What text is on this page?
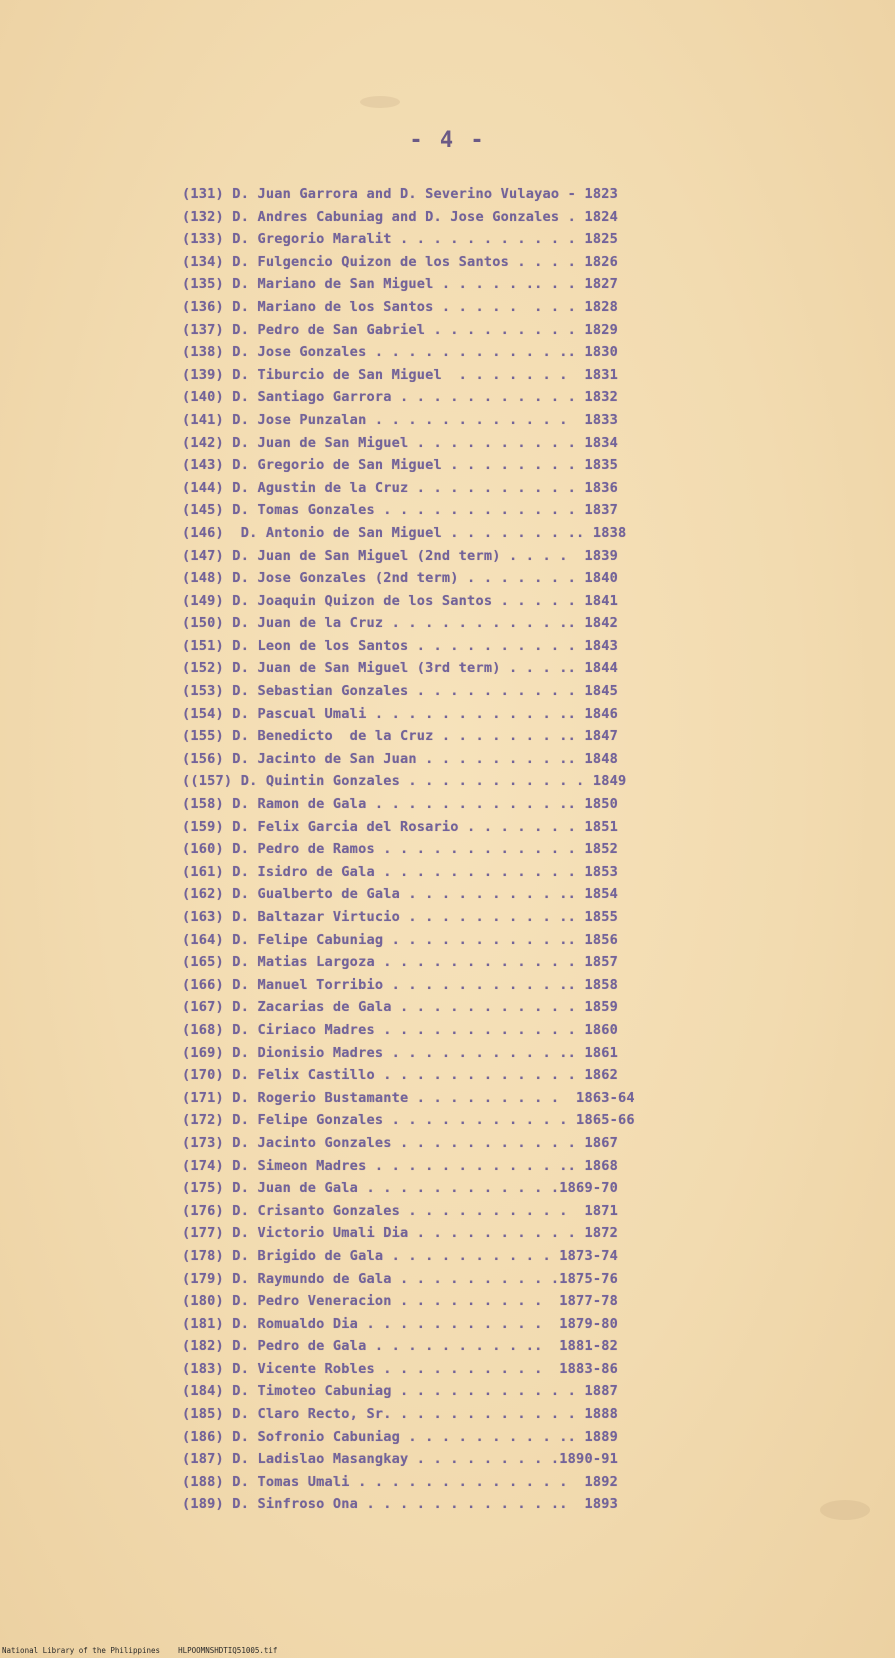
- 4 -
(131) D. Juan Garrora and D. Severino Vulayao - 1823
(132) D. Andres Cabuniag and D. Jose Gonzales . 1824
(133) D. Gregorio Maralit . . . . . . . . . . . 1825
(134) D. Fulgencio Quizon de los Santos . . . . 1826
(135) D. Mariano de San Miguel . . . . . .. . . 1827
(136) D. Mariano de los Santos . . . . .  . . . 1828
(137) D. Pedro de San Gabriel . . . . . . . . . 1829
(138) D. Jose Gonzales . . . . . . . . . . . .. 1830
(139) D. Tiburcio de San Miguel  . . . . . . .  1831
(140) D. Santiago Garrora . . . . . . . . . . . 1832
(141) D. Jose Punzalan . . . . . . . . . . . .  1833
(142) D. Juan de San Miguel . . . . . . . . . . 1834
(143) D. Gregorio de San Miguel . . . . . . . . 1835
(144) D. Agustin de la Cruz . . . . . . . . . . 1836
(145) D. Tomas Gonzales . . . . . . . . . . . . 1837
(146)  D. Antonio de San Miguel . . . . . . . .. 1838
(147) D. Juan de San Miguel (2nd term) . . . .  1839
(148) D. Jose Gonzales (2nd term) . . . . . . . 1840
(149) D. Joaquin Quizon de los Santos . . . . . 1841
(150) D. Juan de la Cruz . . . . . . . . . . .. 1842
(151) D. Leon de los Santos . . . . . . . . . . 1843
(152) D. Juan de San Miguel (3rd term) . . . .. 1844
(153) D. Sebastian Gonzales . . . . . . . . . . 1845
(154) D. Pascual Umali . . . . . . . . . . . .. 1846
(155) D. Benedicto  de la Cruz . . . . . . . .. 1847
(156) D. Jacinto de San Juan . . . . . . . . .. 1848
((157) D. Quintin Gonzales . . . . . . . . . . . 1849
(158) D. Ramon de Gala . . . . . . . . . . . .. 1850
(159) D. Felix Garcia del Rosario . . . . . . . 1851
(160) D. Pedro de Ramos . . . . . . . . . . . . 1852
(161) D. Isidro de Gala . . . . . . . . . . . . 1853
(162) D. Gualberto de Gala . . . . . . . . . .. 1854
(163) D. Baltazar Virtucio . . . . . . . . . .. 1855
(164) D. Felipe Cabuniag . . . . . . . . . . .. 1856
(165) D. Matias Largoza . . . . . . . . . . . . 1857
(166) D. Manuel Torribio . . . . . . . . . . .. 1858
(167) D. Zacarias de Gala . . . . . . . . . . . 1859
(168) D. Ciriaco Madres . . . . . . . . . . . . 1860
(169) D. Dionisio Madres . . . . . . . . . . .. 1861
(170) D. Felix Castillo . . . . . . . . . . . . 1862
(171) D. Rogerio Bustamante . . . . . . . . .  1863-64
(172) D. Felipe Gonzales . . . . . . . . . . . 1865-66
(173) D. Jacinto Gonzales . . . . . . . . . . . 1867
(174) D. Simeon Madres . . . . . . . . . . . .. 1868
(175) D. Juan de Gala . . . . . . . . . . . .1869-70
(176) D. Crisanto Gonzales . . . . . . . . . .  1871
(177) D. Victorio Umali Dia . . . . . . . . . . 1872
(178) D. Brigido de Gala . . . . . . . . . . 1873-74
(179) D. Raymundo de Gala . . . . . . . . . .1875-76
(180) D. Pedro Veneracion . . . . . . . . .  1877-78
(181) D. Romualdo Dia . . . . . . . . . . .  1879-80
(182) D. Pedro de Gala . . . . . . . . . ..  1881-82
(183) D. Vicente Robles . . . . . . . . . .  1883-86
(184) D. Timoteo Cabuniag . . . . . . . . . . . 1887
(185) D. Claro Recto, Sr. . . . . . . . . . . . 1888
(186) D. Sofronio Cabuniag . . . . . . . . . .. 1889
(187) D. Ladislao Masangkay . . . . . . . . .1890-91
(188) D. Tomas Umali . . . . . . . . . . . . .  1892
(189) D. Sinfroso Ona . . . . . . . . . . . ..  1893
National Library of the Philippines    HLPOOMNSHDTIQ51005.tif
